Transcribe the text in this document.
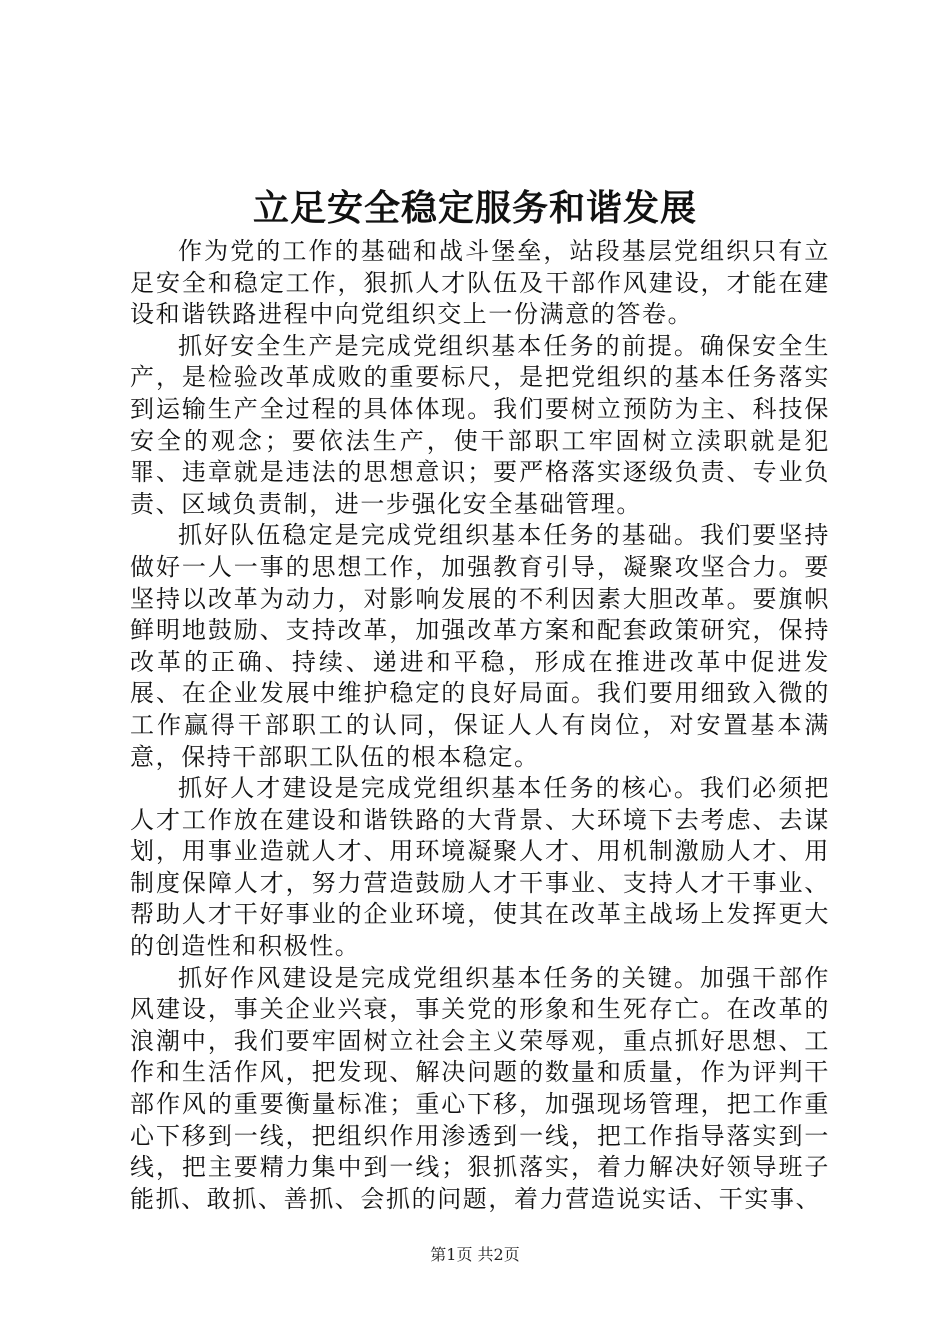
立足安全稳定服务和谐发展

作为党的工作的基础和战斗堡垒，站段基层党组织只有立足安全和稳定工作，狠抓人才队伍及干部作风建设，才能在建设和谐铁路进程中向党组织交上一份满意的答卷。

抓好安全生产是完成党组织基本任务的前提。确保安全生产，是检验改革成败的重要标尺，是把党组织的基本任务落实到运输生产全过程的具体体现。我们要树立预防为主、科技保安全的观念；要依法生产，使干部职工牢固树立渎职就是犯罪、违章就是违法的思想意识；要严格落实逐级负责、专业负责、区域负责制，进一步强化安全基础管理。

抓好队伍稳定是完成党组织基本任务的基础。我们要坚持做好一人一事的思想工作，加强教育引导，凝聚攻坚合力。要坚持以改革为动力，对影响发展的不利因素大胆改革。要旗帜鲜明地鼓励、支持改革，加强改革方案和配套政策研究，保持改革的正确、持续、递进和平稳，形成在推进改革中促进发展、在企业发展中维护稳定的良好局面。我们要用细致入微的工作赢得干部职工的认同，保证人人有岗位，对安置基本满意，保持干部职工队伍的根本稳定。

抓好人才建设是完成党组织基本任务的核心。我们必须把人才工作放在建设和谐铁路的大背景、大环境下去考虑、去谋划，用事业造就人才、用环境凝聚人才、用机制激励人才、用制度保障人才，努力营造鼓励人才干事业、支持人才干事业、帮助人才干好事业的企业环境，使其在改革主战场上发挥更大的创造性和积极性。

抓好作风建设是完成党组织基本任务的关键。加强干部作风建设，事关企业兴衰，事关党的形象和生死存亡。在改革的浪潮中，我们要牢固树立社会主义荣辱观，重点抓好思想、工作和生活作风，把发现、解决问题的数量和质量，作为评判干部作风的重要衡量标准；重心下移，加强现场管理，把工作重心下移到一线，把组织作用渗透到一线，把工作指导落实到一线，把主要精力集中到一线；狠抓落实，着力解决好领导班子能抓、敢抓、善抓、会抓的问题，着力营造说实话、干实事、

第1页 共2页
